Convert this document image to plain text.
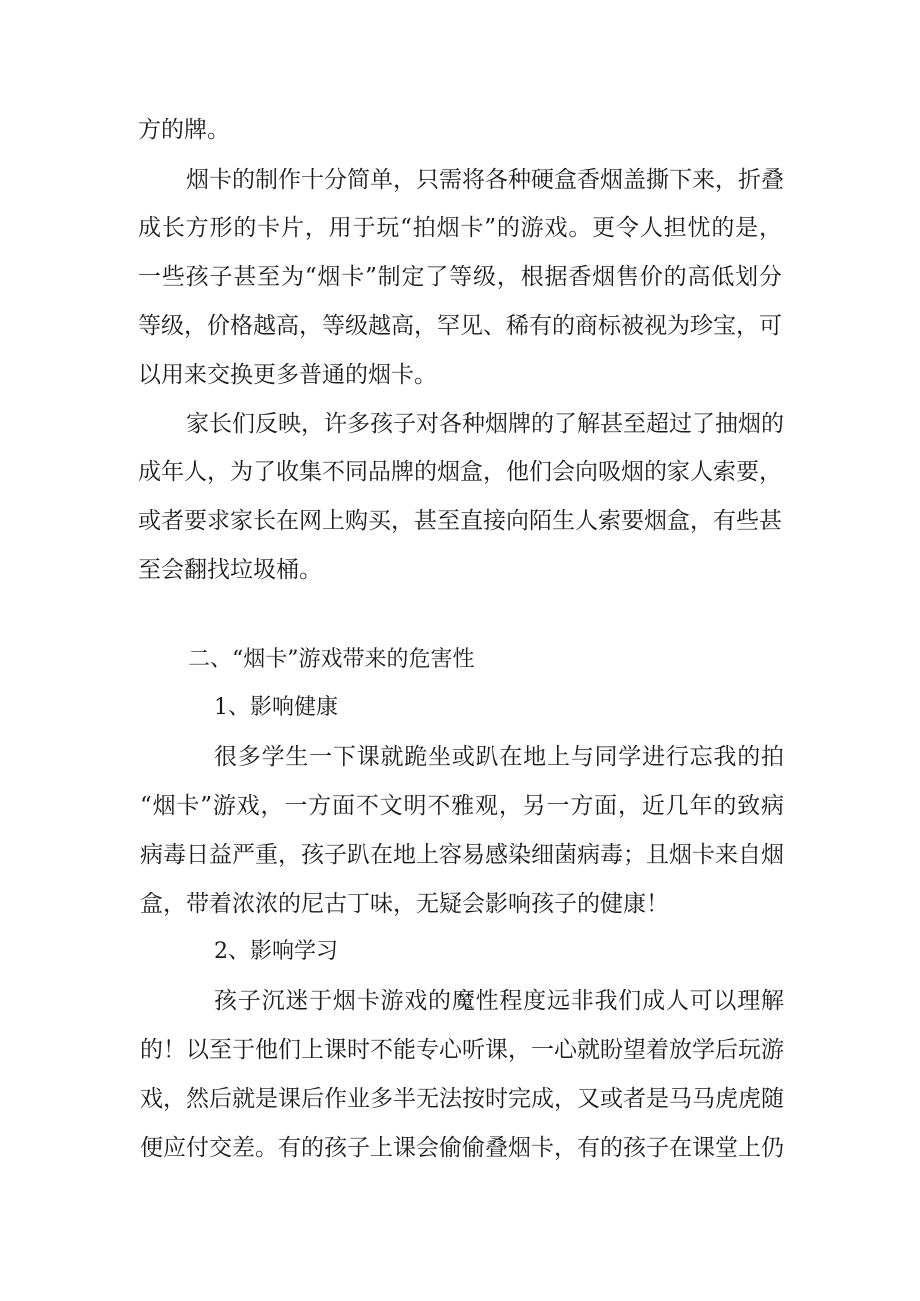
方的牌。
烟卡的制作十分简单，只需将各种硬盒香烟盖撕下来，折叠
成长方形的卡片，用于玩“拍烟卡”的游戏。更令人担忧的是，
一些孩子甚至为“烟卡”制定了等级，根据香烟售价的高低划分
等级，价格越高，等级越高，罕见、稀有的商标被视为珍宝，可
以用来交换更多普通的烟卡。
家长们反映，许多孩子对各种烟牌的了解甚至超过了抽烟的
成年人，为了收集不同品牌的烟盒，他们会向吸烟的家人索要，
或者要求家长在网上购买，甚至直接向陌生人索要烟盒，有些甚
至会翻找垃圾桶。
二、“烟卡”游戏带来的危害性
1、影响健康
很多学生一下课就跪坐或趴在地上与同学进行忘我的拍
“烟卡”游戏，一方面不文明不雅观，另一方面，近几年的致病
病毒日益严重，孩子趴在地上容易感染细菌病毒；且烟卡来自烟
盒，带着浓浓的尼古丁味，无疑会影响孩子的健康！
2、影响学习
孩子沉迷于烟卡游戏的魔性程度远非我们成人可以理解
的！以至于他们上课时不能专心听课，一心就盼望着放学后玩游
戏，然后就是课后作业多半无法按时完成，又或者是马马虎虎随
便应付交差。有的孩子上课会偷偷叠烟卡，有的孩子在课堂上仍
